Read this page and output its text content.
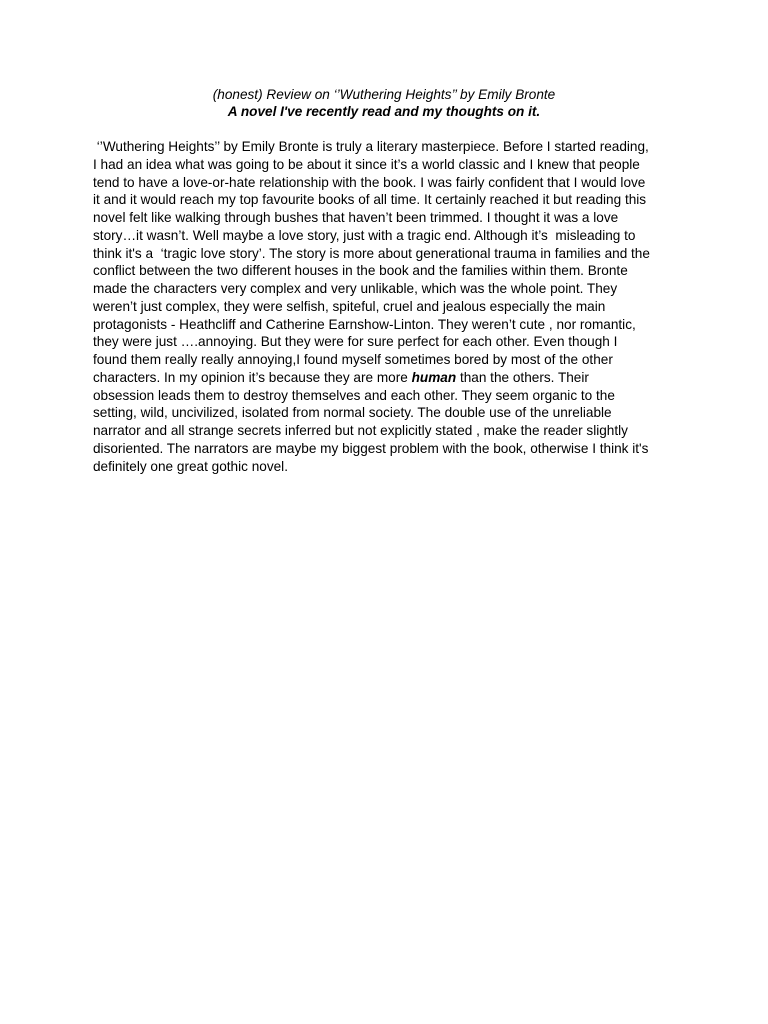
(honest) Review on ‘’Wuthering Heights’’ by Emily Bronte
A novel I've recently read and my thoughts on it.
‘’Wuthering Heights’’ by Emily Bronte is truly a literary masterpiece. Before I started reading,
I had an idea what was going to be about it since it’s a world classic and I knew that people
tend to have a love-or-hate relationship with the book. I was fairly confident that I would love
it and it would reach my top favourite books of all time. It certainly reached it but reading this
novel felt like walking through bushes that haven’t been trimmed. I thought it was a love
story…it wasn’t. Well maybe a love story, just with a tragic end. Although it’s  misleading to
think it's a  ‘tragic love story’. The story is more about generational trauma in families and the
conflict between the two different houses in the book and the families within them. Bronte
made the characters very complex and very unlikable, which was the whole point. They
weren’t just complex, they were selfish, spiteful, cruel and jealous especially the main
protagonists - Heathcliff and Catherine Earnshow-Linton. They weren’t cute , nor romantic,
they were just ….annoying. But they were for sure perfect for each other. Even though I
found them really really annoying,I found myself sometimes bored by most of the other
characters. In my opinion it’s because they are more human than the others. Their
obsession leads them to destroy themselves and each other. They seem organic to the
setting, wild, uncivilized, isolated from normal society. The double use of the unreliable
narrator and all strange secrets inferred but not explicitly stated , make the reader slightly
disoriented. The narrators are maybe my biggest problem with the book, otherwise I think it's
definitely one great gothic novel.
